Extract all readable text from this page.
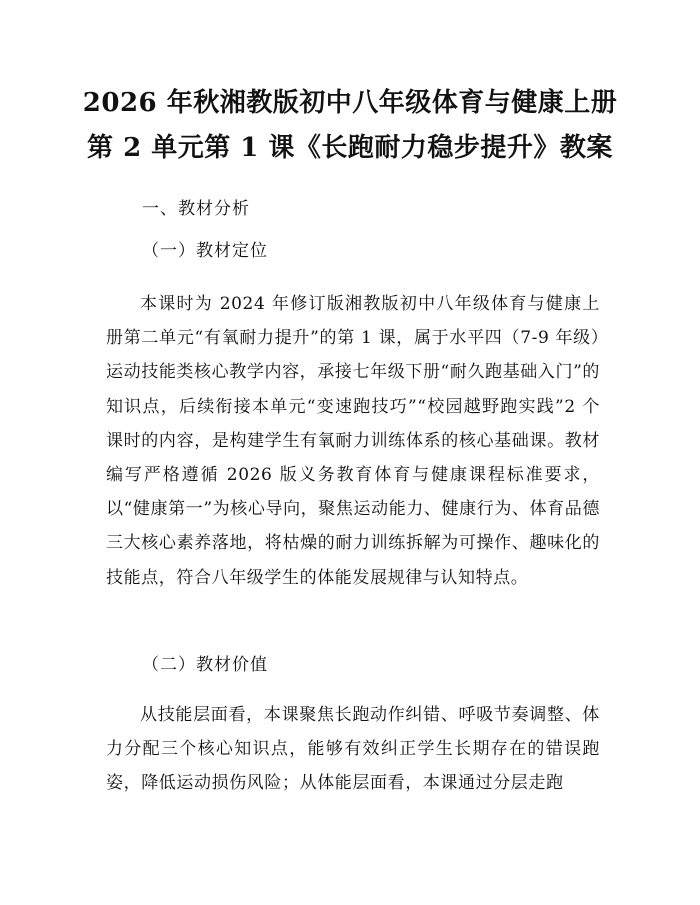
2026 年秋湘教版初中八年级体育与健康上册
第 2 单元第 1 课《长跑耐力稳步提升》教案
一、教材分析
（一）教材定位
本课时为 2024 年修订版湘教版初中八年级体育与健康上册第二单元“有氧耐力提升”的第 1 课，属于水平四（7-9 年级）运动技能类核心教学内容，承接七年级下册“耐久跑基础入门”的知识点，后续衔接本单元“变速跑技巧”“校园越野跑实践”2 个课时的内容，是构建学生有氧耐力训练体系的核心基础课。教材编写严格遵循 2026 版义务教育体育与健康课程标准要求，以“健康第一”为核心导向，聚焦运动能力、健康行为、体育品德三大核心素养落地，将枯燥的耐力训练拆解为可操作、趣味化的技能点，符合八年级学生的体能发展规律与认知特点。
（二）教材价值
从技能层面看，本课聚焦长跑动作纠错、呼吸节奏调整、体力分配三个核心知识点，能够有效纠正学生长期存在的错误跑姿，降低运动损伤风险；从体能层面看，本课通过分层走跑
